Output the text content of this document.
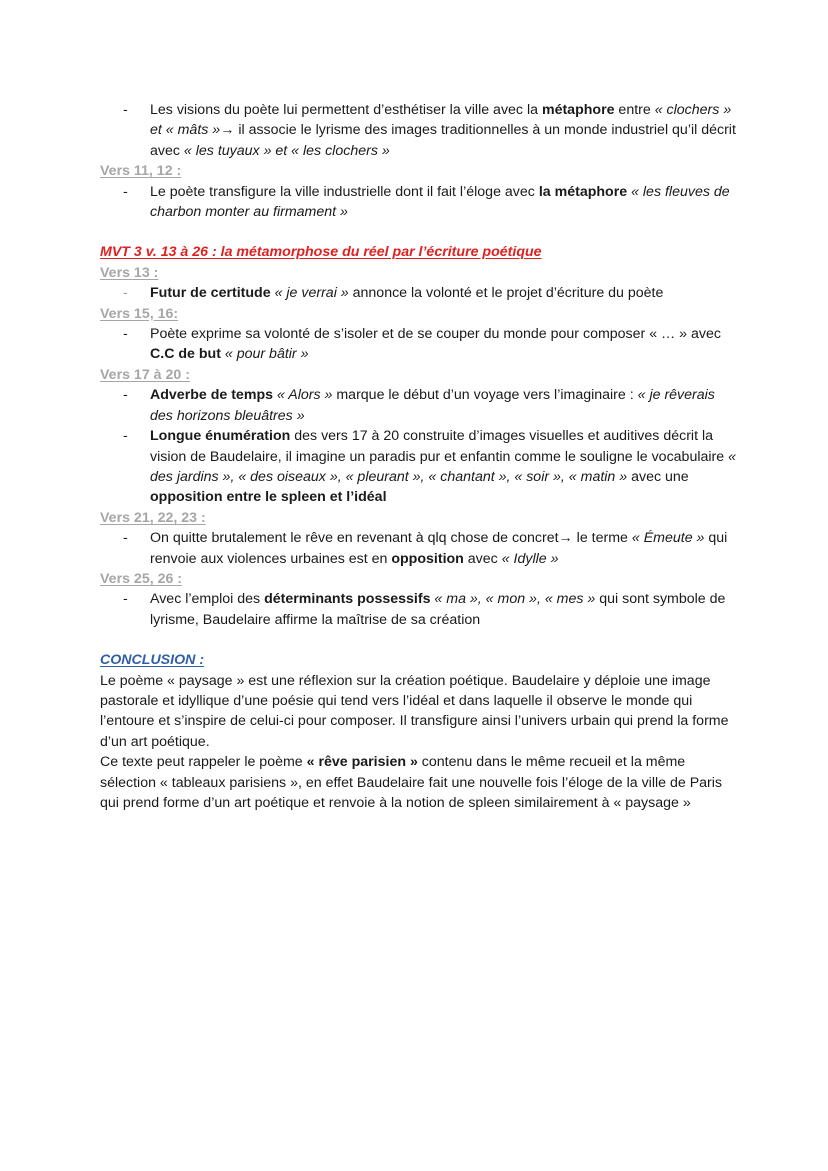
-	Les visions du poète lui permettent d’esthétiser la ville avec la métaphore entre « clochers » et « mâts »→ il associe le lyrisme des images traditionnelles à un monde industriel qu’il décrit avec « les tuyaux » et « les clochers »
Vers 11, 12 :
-	Le poète transfigure la ville industrielle dont il fait l’éloge avec la métaphore « les fleuves de charbon monter au firmament »
MVT 3 v. 13 à 26 : la métamorphose du réel par l’écriture poétique
Vers 13 :
-	Futur de certitude « je verrai » annonce la volonté et le projet d’écriture du poète
Vers 15, 16:
-	Poète exprime sa volonté de s’isoler et de se couper du monde pour composer « … » avec C.C de but « pour bâtir »
Vers 17 à 20 :
-	Adverbe de temps « Alors » marque le début d’un voyage vers l’imaginaire : « je rêverais des horizons bleuâtres »
-	Longue énumération des vers 17 à 20 construite d’images visuelles et auditives décrit la vision de Baudelaire, il imagine un paradis pur et enfantin comme le souligne le vocabulaire « des jardins », « des oiseaux », « pleurant », « chantant », « soir », « matin » avec une opposition entre le spleen et l’idéal
Vers 21, 22, 23 :
-	On quitte brutalement le rêve en revenant à qlq chose de concret→ le terme « Émeute » qui renvoie aux violences urbaines est en opposition avec « Idylle »
Vers 25, 26 :
-	Avec l’emploi des déterminants possessifs « ma », « mon », « mes » qui sont symbole de lyrisme, Baudelaire affirme la maîtrise de sa création
CONCLUSION :

Le poème « paysage » est une réflexion sur la création poétique. Baudelaire y déploie une image pastorale et idyllique d’une poésie qui tend vers l’idéal et dans laquelle il observe le monde qui l’entoure et s’inspire de celui-ci pour composer. Il transfigure ainsi l’univers urbain qui prend la forme d’un art poétique.

Ce texte peut rappeler le poème « rêve parisien » contenu dans le même recueil et la même sélection « tableaux parisiens », en effet Baudelaire fait une nouvelle fois l’éloge de la ville de Paris qui prend forme d’un art poétique et renvoie à la notion de spleen similairement à « paysage »
